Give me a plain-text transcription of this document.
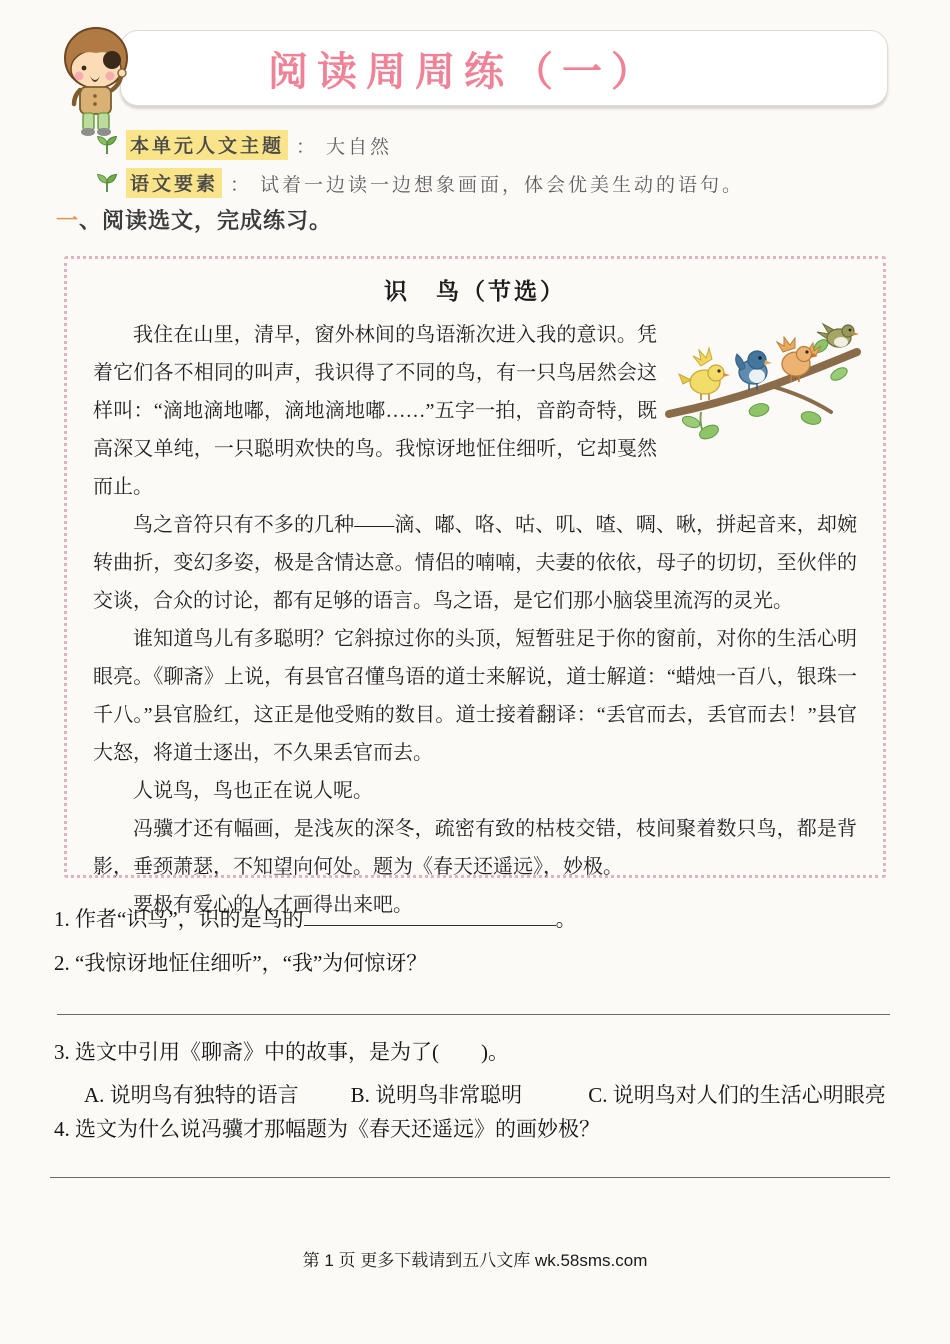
阅读周周练（一）
本单元人文主题 ： 大自然
语文要素 ： 试着一边读一边想象画面，体会优美生动的语句。
一、阅读选文，完成练习。
识　鸟（节选）

我住在山里，清早，窗外林间的鸟语渐次进入我的意识。凭着它们各不相同的叫声，我识得了不同的鸟，有一只鸟居然会这样叫：“滴地滴地嘟，滴地滴地嘟……”五字一拍，音韵奇特，既高深又单纯，一只聪明欢快的鸟。我惊讶地怔住细听，它却戛然而止。

鸟之音符只有不多的几种——滴、嘟、咯、咕、叽、喳、啁、啾，拼起音来，却婉转曲折，变幻多姿，极是含情达意。情侣的喃喃，夫妻的依依，母子的切切，至伙伴的交谈，合众的讨论，都有足够的语言。鸟之语，是它们那小脑袋里流泻的灵光。

谁知道鸟儿有多聪明？它斜掠过你的头顶，短暂驻足于你的窗前，对你的生活心明眼亮。《聊斋》上说，有县官召懂鸟语的道士来解说，道士解道：“蜡烛一百八，银珠一千八。”县官脸红，这正是他受贿的数目。道士接着翻译：“丢官而去，丢官而去！”县官大怒，将道士逐出，不久果丢官而去。

人说鸟，鸟也正在说人呢。

冯骥才还有幅画，是浅灰的深冬，疏密有致的枯枝交错，枝间聚着数只鸟，都是背影，垂颈萧瑟，不知望向何处。题为《春天还遥远》，妙极。

要极有爱心的人才画得出来吧。

1. 作者“识鸟”，识的是鸟的	。
2. “我惊讶地怔住细听”，“我”为何惊讶？
3. 选文中引用《聊斋》中的故事，是为了(　　)。
A. 说明鸟有独特的语言 B. 说明鸟非常聪明	C. 说明鸟对人们的生活心明眼亮
4. 选文为什么说冯骥才那幅题为《春天还遥远》的画妙极？
第 1 页 更多下载请到五八文库 wk.58sms.com
